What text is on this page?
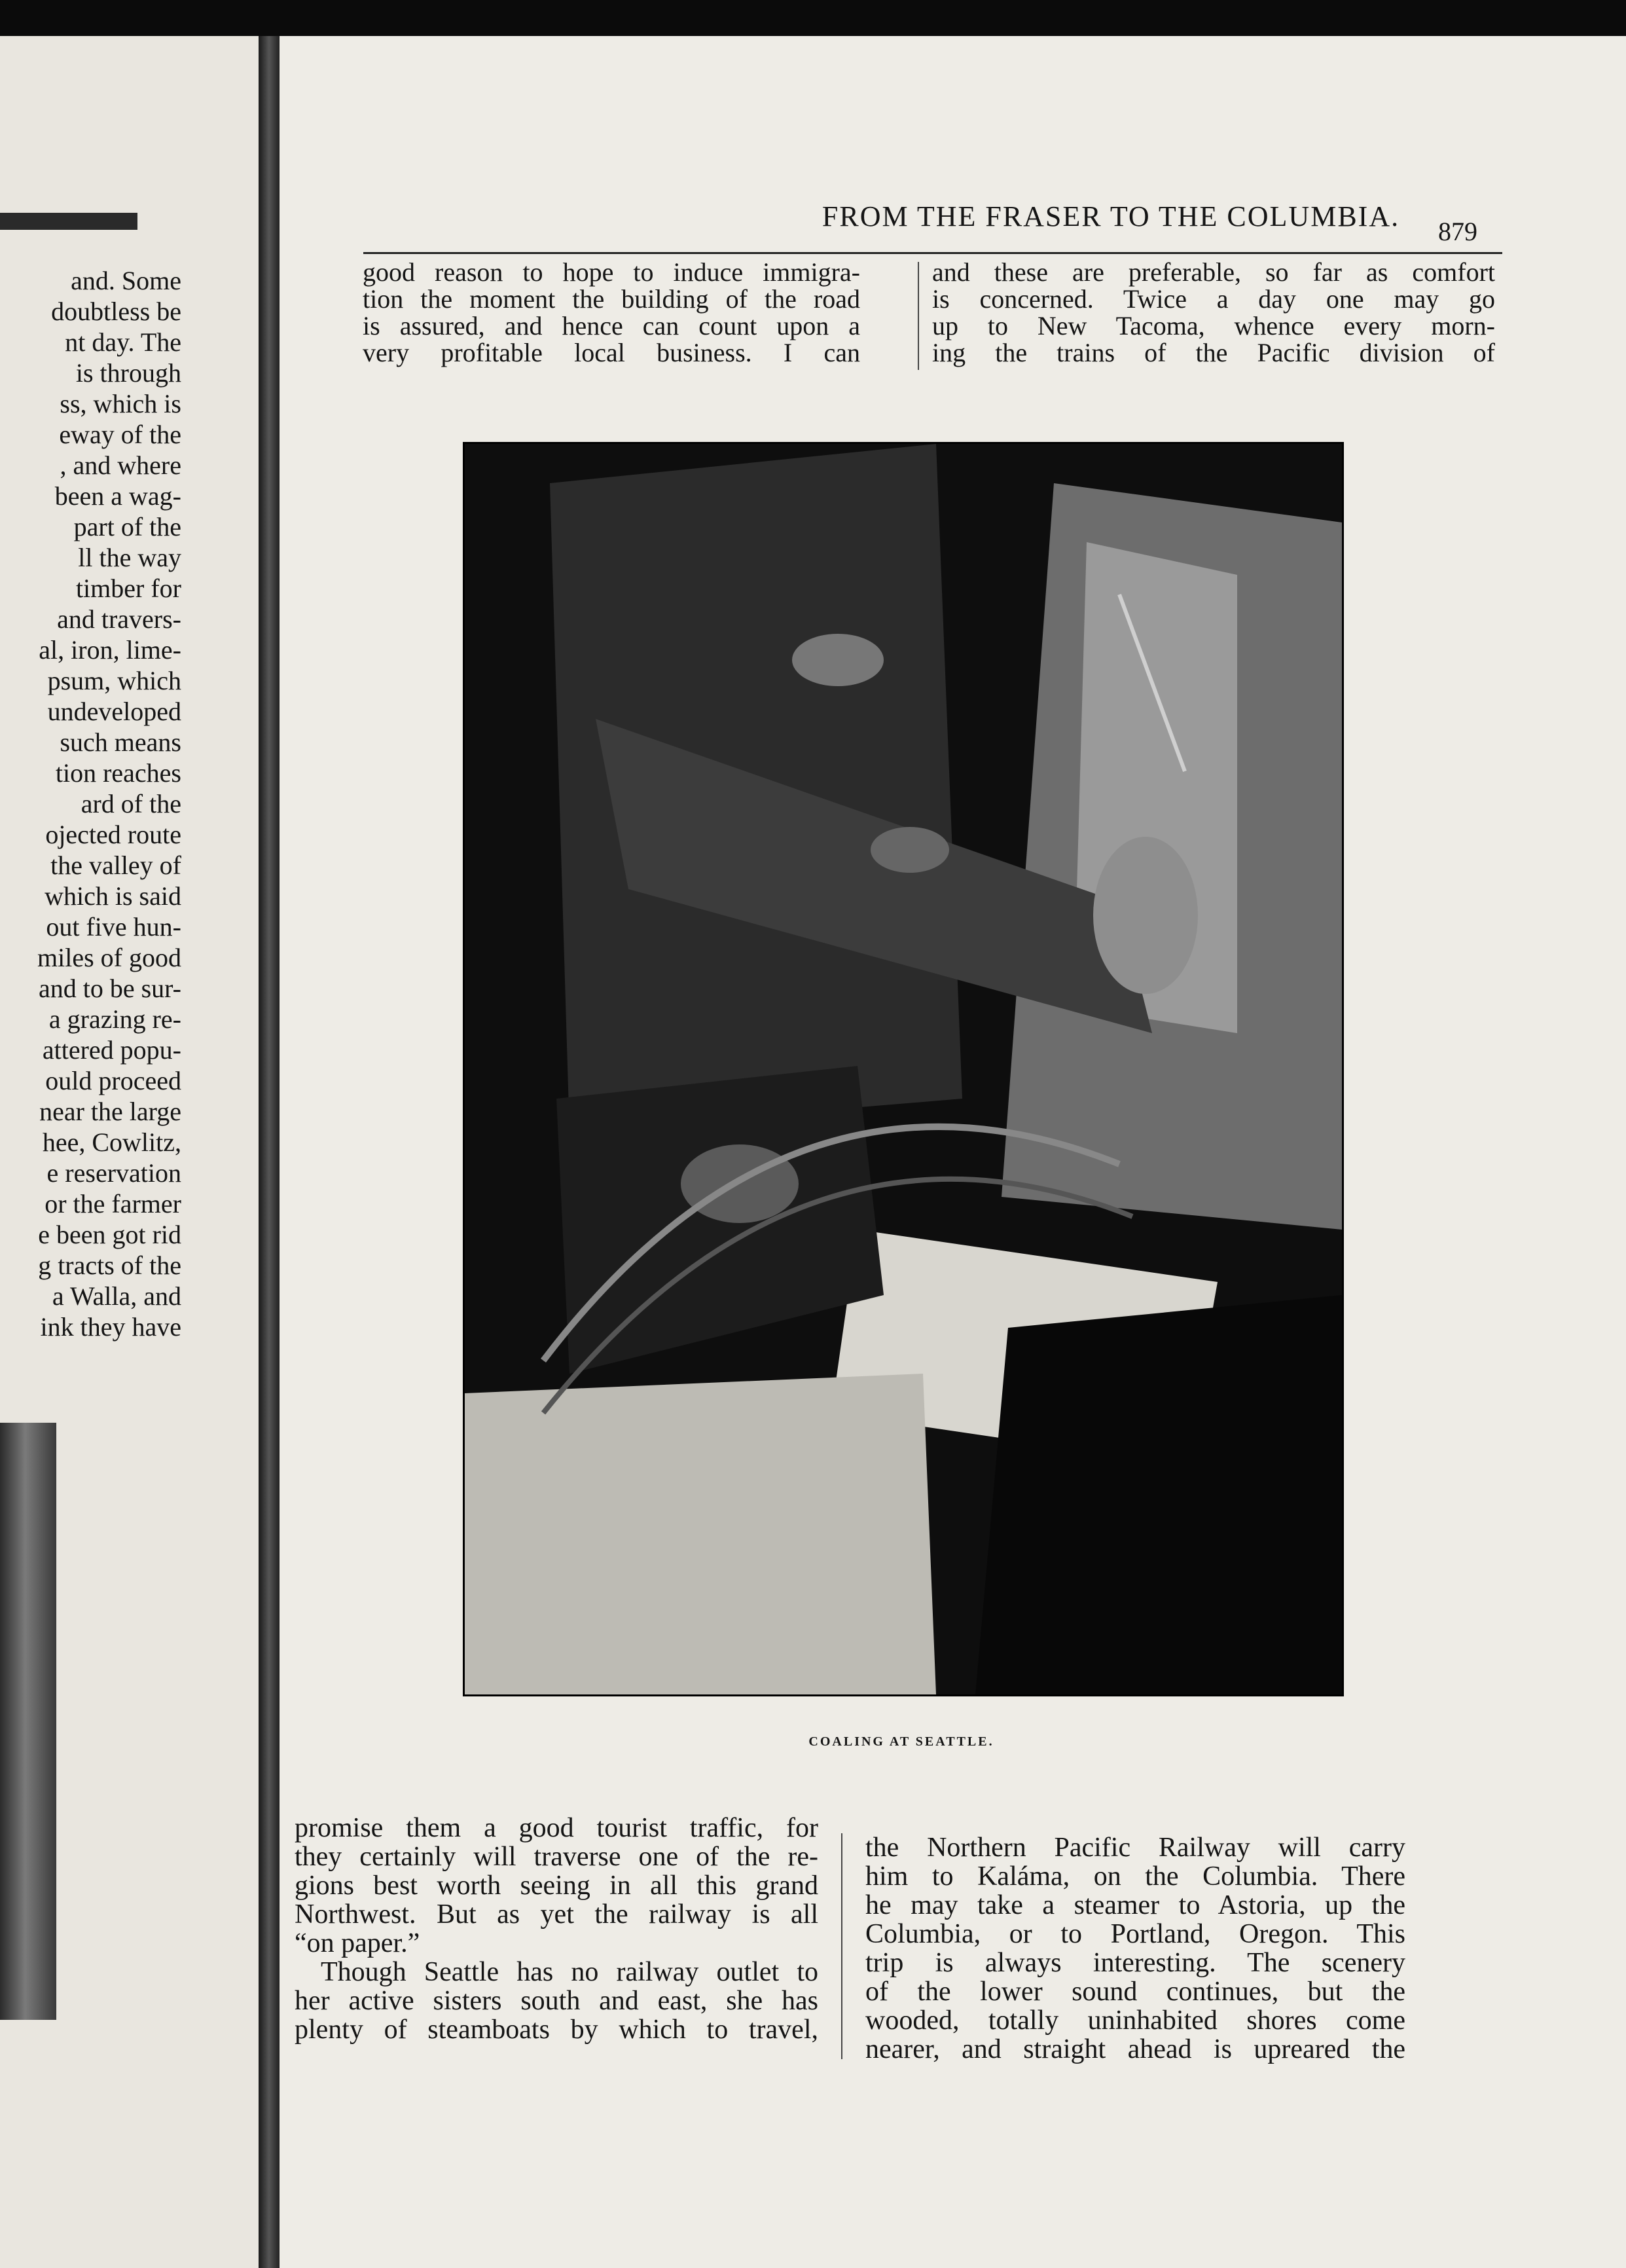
and. Some
doubtless be
nt day. The
is through
ss, which is
eway of the
, and where
been a wag-
part of the
ll the way
timber for
and travers-
al, iron, lime-
psum, which
undeveloped
such means
tion reaches
ard of the
ojected route
the valley of
which is said
out five hun-
miles of good
and to be sur-
a grazing re-
attered popu-
ould proceed
near the large
hee, Cowlitz,
e reservation
or the farmer
e been got rid
g tracts of the
a Walla, and
ink they have
FROM THE FRASER TO THE COLUMBIA.	879
good reason to hope to induce immigra-
tion the moment the building of the road
is assured, and hence can count upon a
very profitable local business. I can
and these are preferable, so far as comfort
is concerned. Twice a day one may go
up to New Tacoma, whence every morn-
ing the trains of the Pacific division of
COALING AT SEATTLE.
promise them a good tourist traffic, for
they certainly will traverse one of the re-
gions best worth seeing in all this grand
Northwest. But as yet the railway is all
“on paper.”
Though Seattle has no railway outlet to
her active sisters south and east, she has
plenty of steamboats by which to travel,
the Northern Pacific Railway will carry
him to Kaláma, on the Columbia. There
he may take a steamer to Astoria, up the
Columbia, or to Portland, Oregon. This
trip is always interesting. The scenery
of the lower sound continues, but the
wooded, totally uninhabited shores come
nearer, and straight ahead is upreared the
